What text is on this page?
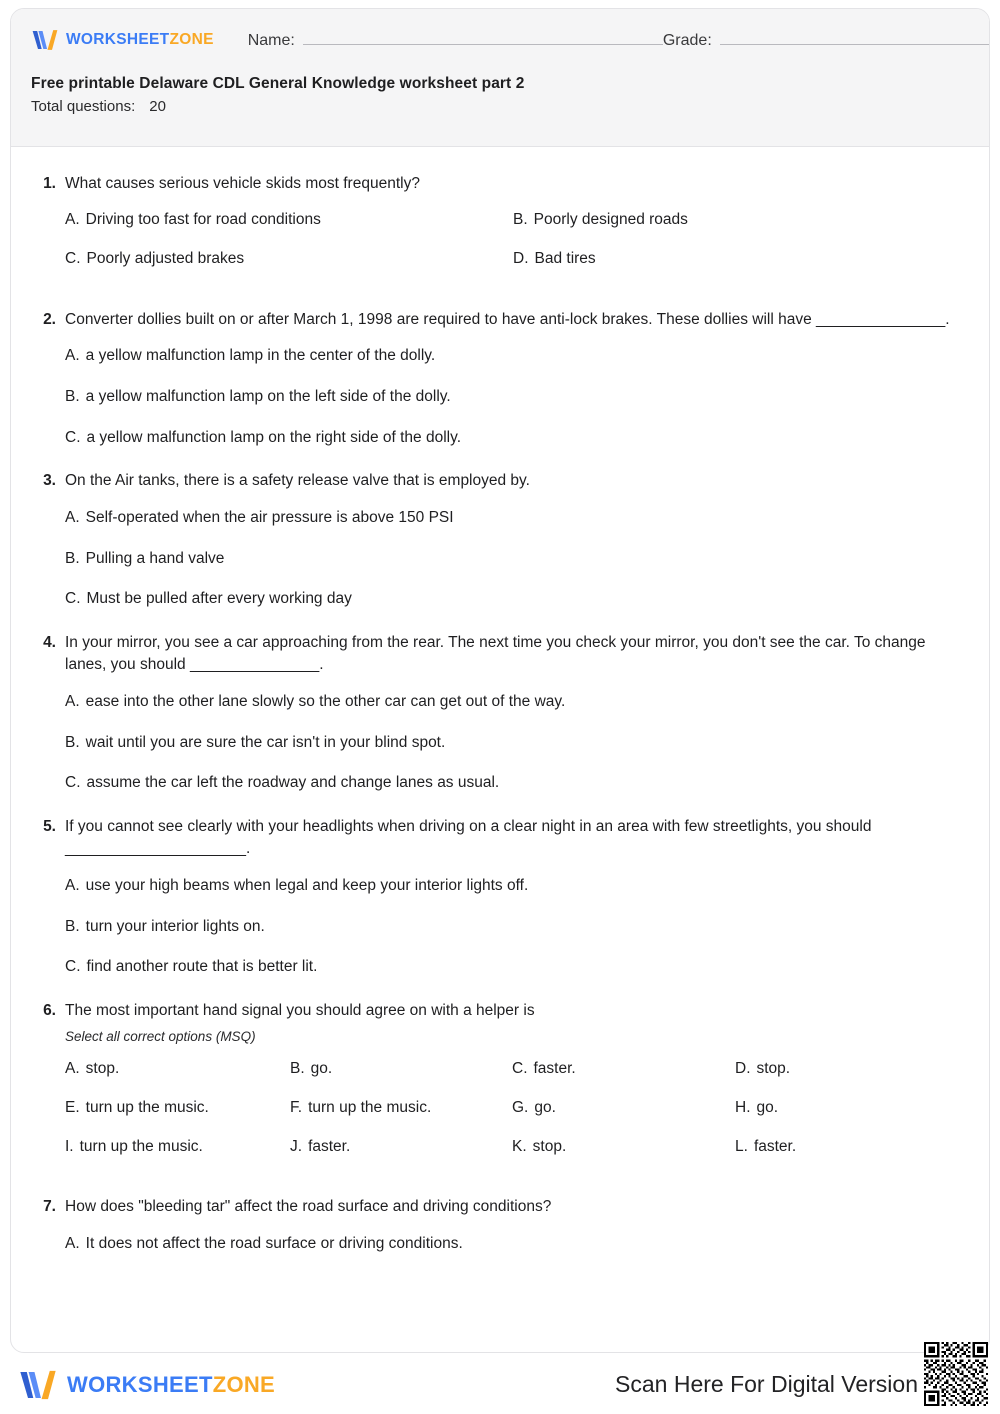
WORKSHEETZONE Name:	Grade:
Free printable Delaware CDL General Knowledge worksheet part 2
Total questions: 20
1. What causes serious vehicle skids most frequently?
A. Driving too fast for road conditions	B. Poorly designed roads
C. Poorly adjusted brakes	D. Bad tires
2. Converter dollies built on or after March 1, 1998 are required to have anti-lock brakes. These dollies will have _______________.
A. a yellow malfunction lamp in the center of the dolly.
B. a yellow malfunction lamp on the left side of the dolly.
C. a yellow malfunction lamp on the right side of the dolly.
3. On the Air tanks, there is a safety release valve that is employed by.
A. Self-operated when the air pressure is above 150 PSI
B. Pulling a hand valve
C. Must be pulled after every working day
4. In your mirror, you see a car approaching from the rear. The next time you check your mirror, you don't see the car. To change lanes, you should _______________.
A. ease into the other lane slowly so the other car can get out of the way.
B. wait until you are sure the car isn't in your blind spot.
C. assume the car left the roadway and change lanes as usual.
5. If you cannot see clearly with your headlights when driving on a clear night in an area with few streetlights, you should _____________________.
A. use your high beams when legal and keep your interior lights off.
B. turn your interior lights on.
C. find another route that is better lit.
6. The most important hand signal you should agree on with a helper is
Select all correct options (MSQ)
A. stop.	B. go.	C. faster.	D. stop.
E. turn up the music.	F. turn up the music.	G. go.	H. go.
I. turn up the music.	J. faster.	K. stop.	L. faster.
7. How does "bleeding tar" affect the road surface and driving conditions?
A. It does not affect the road surface or driving conditions.
WORKSHEETZONE	Scan Here For Digital Version
